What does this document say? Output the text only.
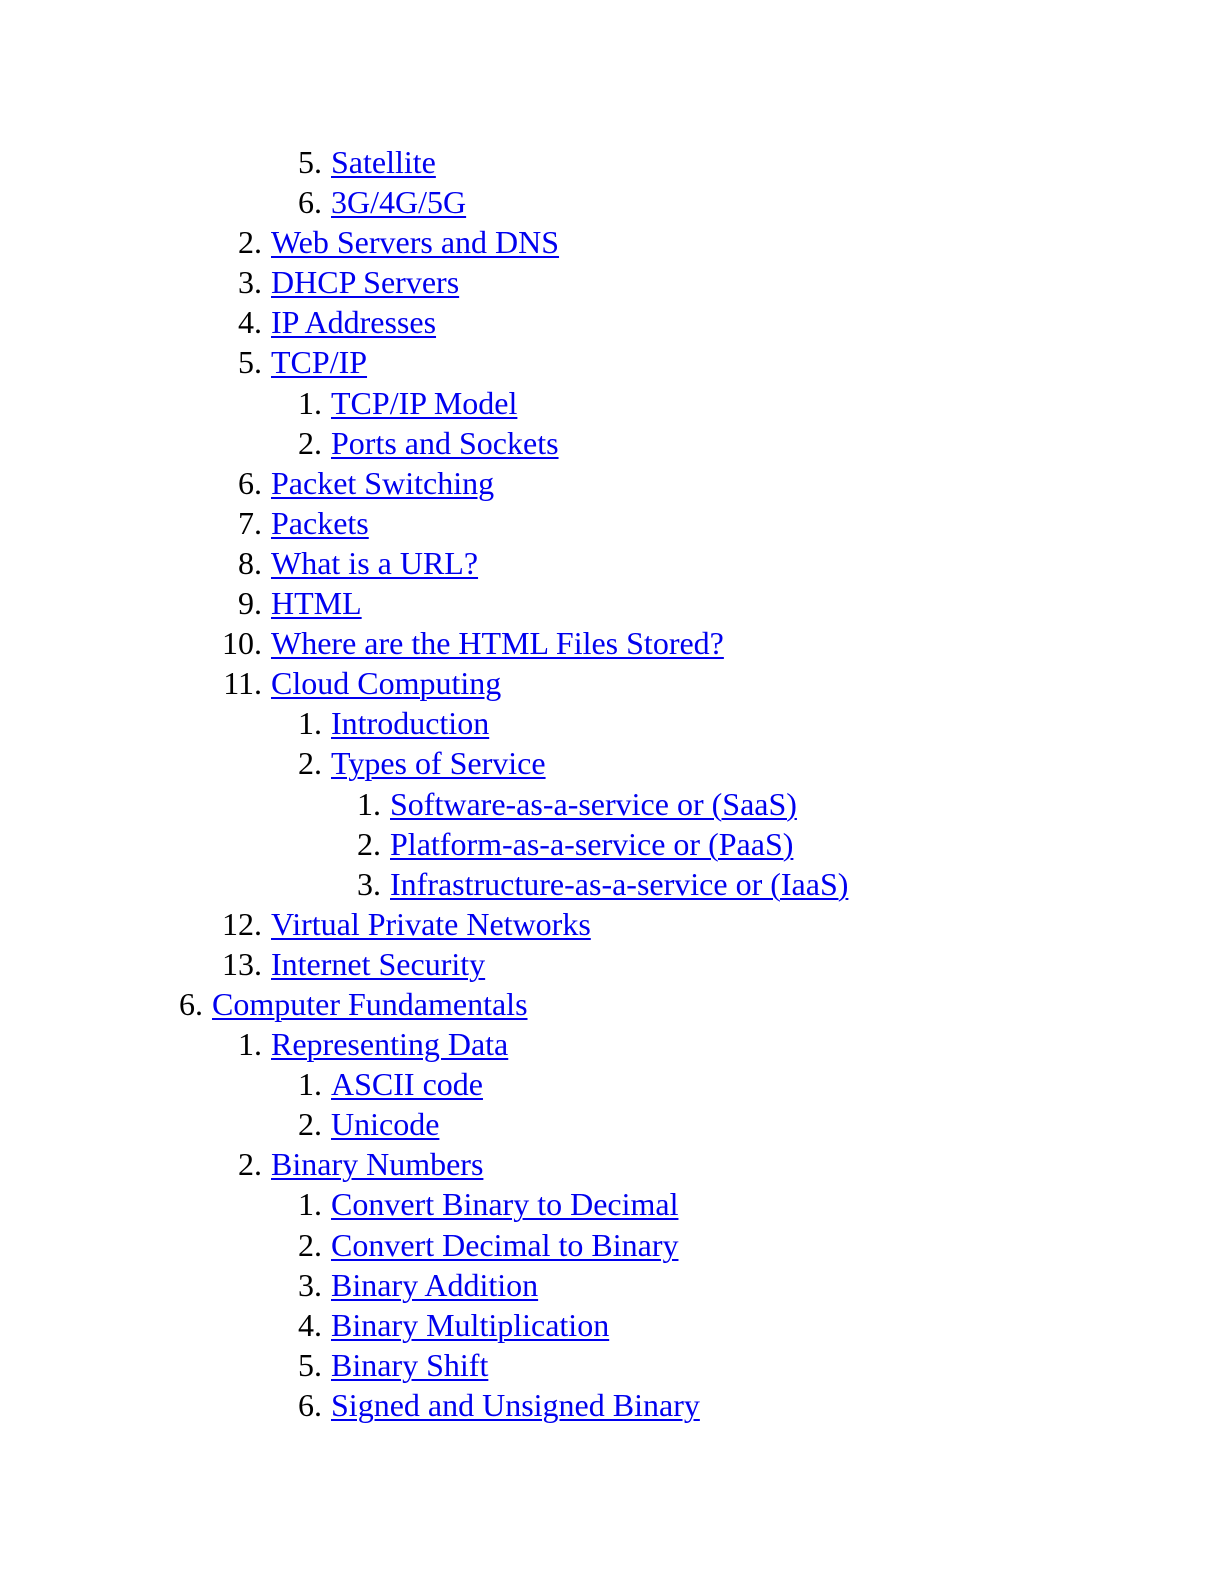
5. Satellite
6. 3G/4G/5G
2. Web Servers and DNS
3. DHCP Servers
4. IP Addresses
5. TCP/IP
1. TCP/IP Model
2. Ports and Sockets
6. Packet Switching
7. Packets
8. What is a URL?
9. HTML
10. Where are the HTML Files Stored?
11. Cloud Computing
1. Introduction
2. Types of Service
1. Software-as-a-service or (SaaS)
2. Platform-as-a-service or (PaaS)
3. Infrastructure-as-a-service or (IaaS)
12. Virtual Private Networks
13. Internet Security
6. Computer Fundamentals
1. Representing Data
1. ASCII code
2. Unicode
2. Binary Numbers
1. Convert Binary to Decimal
2. Convert Decimal to Binary
3. Binary Addition
4. Binary Multiplication
5. Binary Shift
6. Signed and Unsigned Binary
